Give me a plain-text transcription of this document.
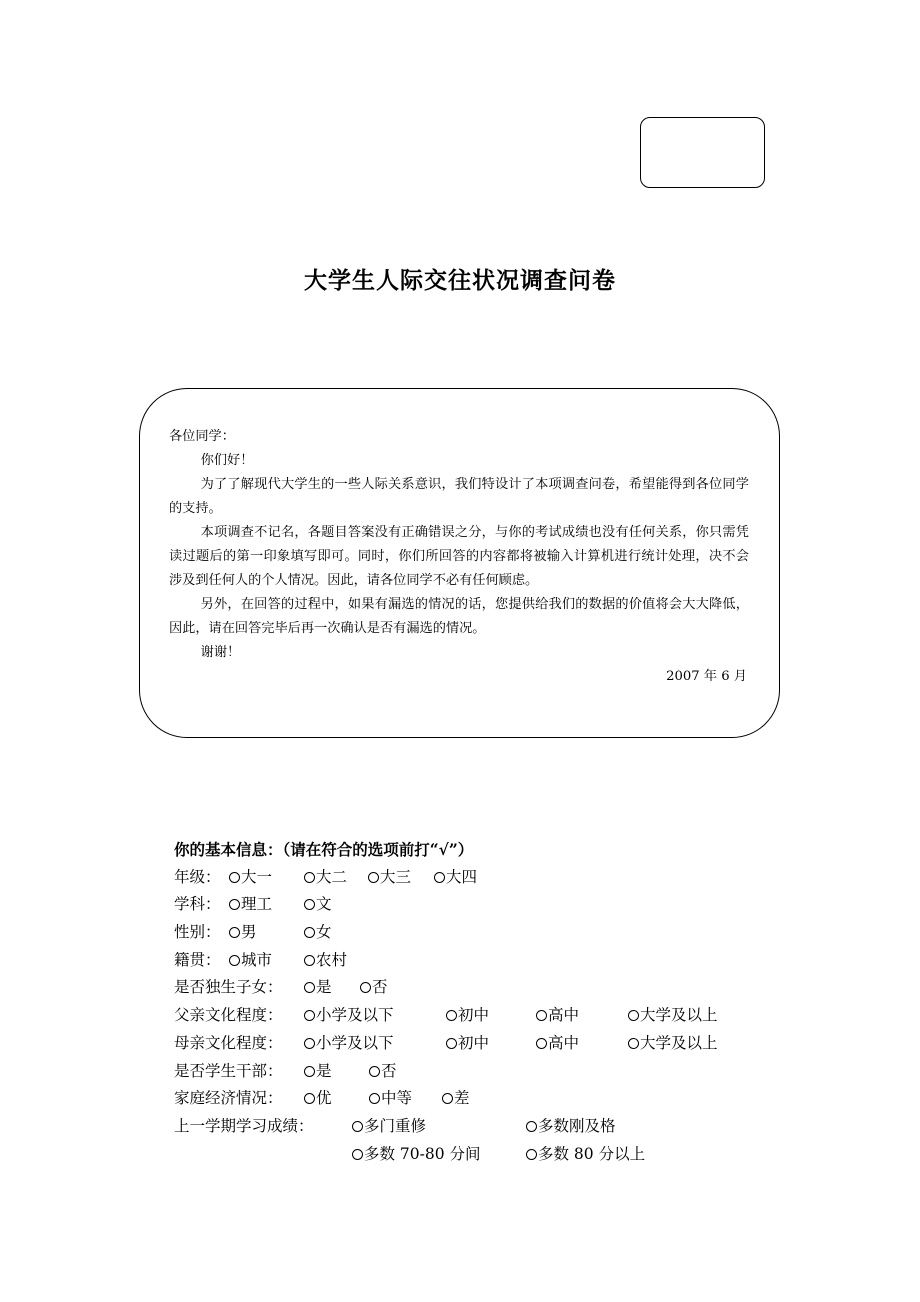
大学生人际交往状况调查问卷

各位同学：

你们好！

为了了解现代大学生的一些人际关系意识，我们特设计了本项调查问卷，希望能得到各位同学的支持。

本项调查不记名，各题目答案没有正确错误之分，与你的考试成绩也没有任何关系，你只需凭读过题后的第一印象填写即可。同时，你们所回答的内容都将被输入计算机进行统计处理，决不会涉及到任何人的个人情况。因此，请各位同学不必有任何顾虑。

另外，在回答的过程中，如果有漏选的情况的话，您提供给我们的数据的价值将会大大降低，因此，请在回答完毕后再一次确认是否有漏选的情况。

谢谢！

2007 年 6 月

你的基本信息：（请在符合的选项前打“√”）
年级：	大一	大二	大三	大四
学科：	理工	文
性别：	男	女
籍贯：	城市	农村
是否独生子女：	是	否
父亲文化程度：	小学及以下	初中	高中	大学及以上
母亲文化程度：	小学及以下	初中	高中	大学及以上
是否学生干部：	是	否
家庭经济情况：	优	中等	差
上一学期学习成绩：	多门重修	多数刚及格
多数 70-80 分间	多数 80 分以上
